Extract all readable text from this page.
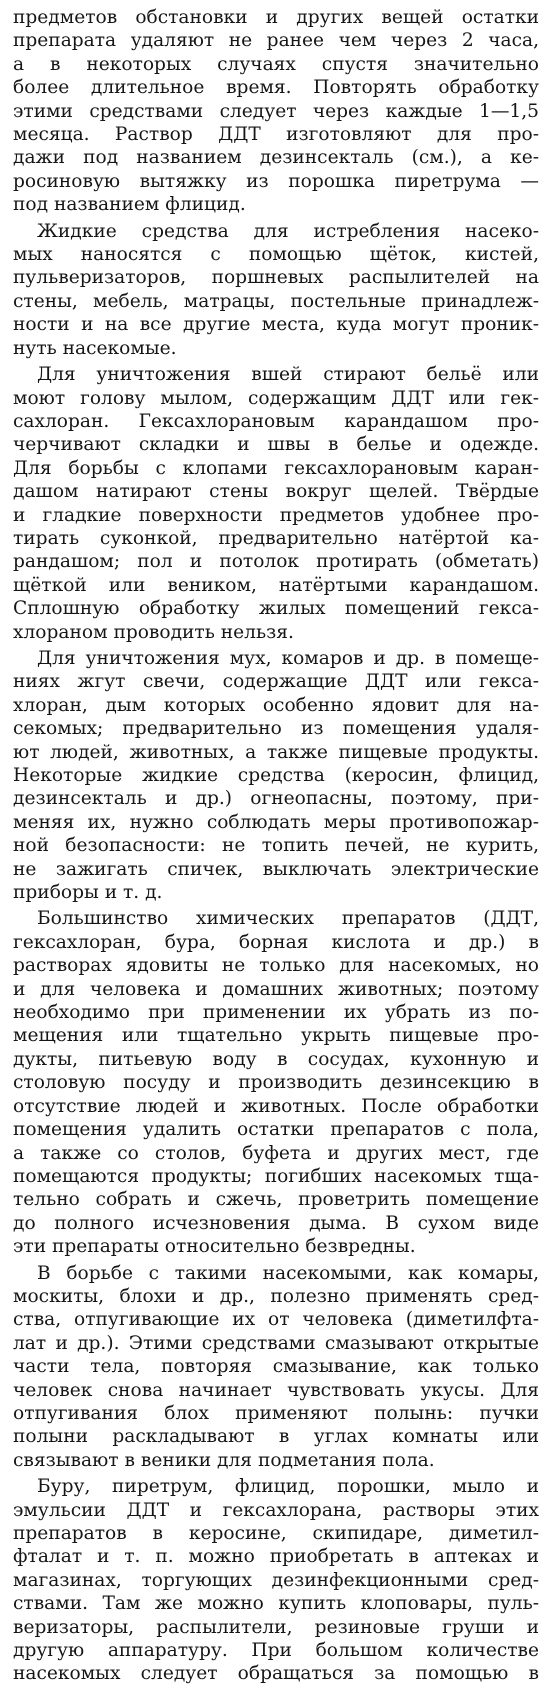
предметов обстановки и других вещей остатки
препарата удаляют не ранее чем через 2 часа,
а в некоторых случаях спустя значительно
более длительное время. Повторять обработку
этими средствами следует через каждые 1—1,5
месяца. Раствор ДДТ изготовляют для про-
дажи под названием дезинсекталь (см.), а ке-
росиновую вытяжку из порошка пиретрума —
под названием флицид.

Жидкие средства для истребления насеко-
мых наносятся с помощью щёток, кистей,
пульверизаторов, поршневых распылителей на
стены, мебель, матрацы, постельные принадлеж-
ности и на все другие места, куда могут проник-
нуть насекомые.

Для уничтожения вшей стирают бельё или
моют голову мылом, содержащим ДДТ или гек-
сахлоран. Гексахлорановым карандашом про-
черчивают складки и швы в белье и одежде.
Для борьбы с клопами гексахлорановым каран-
дашом натирают стены вокруг щелей. Твёрдые
и гладкие поверхности предметов удобнее про-
тирать суконкой, предварительно натёртой ка-
рандашом; пол и потолок протирать (обметать)
щёткой или веником, натёртыми карандашом.
Сплошную обработку жилых помещений гекса-
хлораном проводить нельзя.

Для уничтожения мух, комаров и др. в помеще-
ниях жгут свечи, содержащие ДДТ или гекса-
хлоран, дым которых особенно ядовит для на-
секомых; предварительно из помещения удаля-
ют людей, животных, а также пищевые продукты.
Некоторые жидкие средства (керосин, флицид,
дезинсекталь и др.) огнеопасны, поэтому, при-
меняя их, нужно соблюдать меры противопожар-
ной безопасности: не топить печей, не курить,
не зажигать спичек, выключать электрические
приборы и т. д.

Большинство химических препаратов (ДДТ,
гексахлоран, бура, борная кислота и др.) в
растворах ядовиты не только для насекомых, но
и для человека и домашних животных; поэтому
необходимо при применении их убрать из по-
мещения или тщательно укрыть пищевые про-
дукты, питьевую воду в сосудах, кухонную и
столовую посуду и производить дезинсекцию в
отсутствие людей и животных. После обработки
помещения удалить остатки препаратов с пола,
а также со столов, буфета и других мест, где
помещаются продукты; погибших насекомых тща-
тельно собрать и сжечь, проветрить помещение
до полного исчезновения дыма. В сухом виде
эти препараты относительно безвредны.

В борьбе с такими насекомыми, как комары,
москиты, блохи и др., полезно применять сред-
ства, отпугивающие их от человека (диметилфта-
лат и др.). Этими средствами смазывают открытые
части тела, повторяя смазывание, как только
человек снова начинает чувствовать укусы. Для
отпугивания блох применяют полынь: пучки
полыни раскладывают в углах комнаты или
связывают в веники для подметания пола.

Буру, пиретрум, флицид, порошки, мыло и
эмульсии ДДТ и гексахлорана, растворы этих
препаратов в керосине, скипидаре, диметил-
фталат и т. п. можно приобретать в аптеках и
магазинах, торгующих дезинфекционными сред-
ствами. Там же можно купить клоповары, пуль-
веризаторы, распылители, резиновые груши и
другую аппаратуру. При большом количестве
насекомых следует обращаться за помощью в
